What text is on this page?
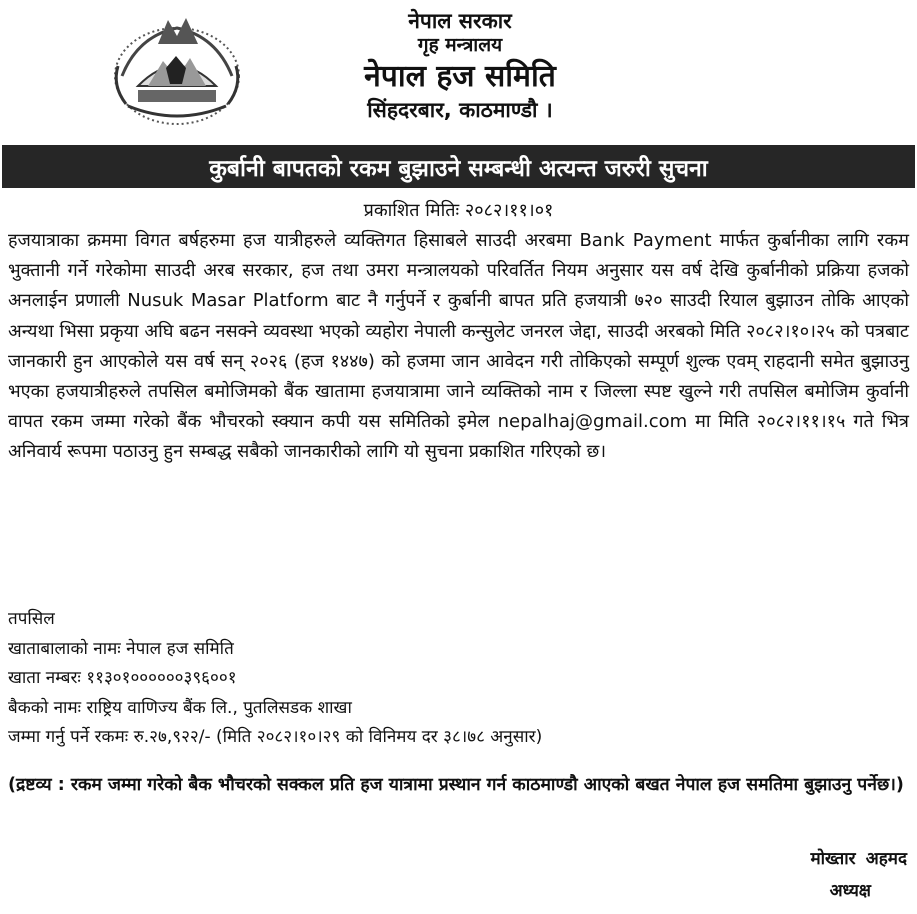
नेपाल सरकार
गृह मन्त्रालय
नेपाल हज समिति
सिंहदरबार, काठमाण्डौ ।
कुर्बानी बापतको रकम बुझाउने सम्बन्धी अत्यन्त जरुरी सुचना
प्रकाशित मितिः २०८२।११।०१
हजयात्राका क्रममा विगत बर्षहरुमा हज यात्रीहरुले व्यक्तिगत हिसाबले साउदी अरबमा Bank Payment मार्फत कुर्बानीका लागि रकम भुक्तानी गर्ने गरेकोमा साउदी अरब सरकार, हज तथा उमरा मन्त्रालयको परिवर्तित नियम अनुसार यस वर्ष देखि कुर्बानीको प्रक्रिया हजको अनलाईन प्रणाली Nusuk Masar Platform बाट नै गर्नुपर्ने र कुर्बानी बापत प्रति हजयात्री ७२० साउदी रियाल बुझाउन तोकि आएको अन्यथा भिसा प्रकृया अघि बढन नसक्ने व्यवस्था भएको व्यहोरा नेपाली कन्सुलेट जनरल जेद्दा, साउदी अरबको मिति २०८२।१०।२५ को पत्रबाट जानकारी हुन आएकोले यस वर्ष सन् २०२६ (हज १४४७) को हजमा जान आवेदन गरी तोकिएको सम्पूर्ण शुल्क एवम् राहदानी समेत बुझाउनु भएका हजयात्रीहरुले तपसिल बमोजिमको बैंक खातामा हजयात्रामा जाने व्यक्तिको नाम र जिल्ला स्पष्ट खुल्ने गरी तपसिल बमोजिम कुर्वानी वापत रकम जम्मा गरेको बैंक भौचरको स्क्यान कपी यस समितिको इमेल nepalhaj@gmail.com मा मिति २०८२।११।१५ गते भित्र अनिवार्य रूपमा पठाउनु हुन सम्बद्ध सबैको जानकारीको लागि यो सुचना प्रकाशित गरिएको छ।
तपसिल
खाताबालाको नामः नेपाल हज समिति
खाता नम्बरः ११३०१००००००३९६००१
बैकको नामः राष्ट्रिय वाणिज्य बैंक लि., पुतलिसडक शाखा
जम्मा गर्नु पर्ने रकमः रु.२७,९२२/- (मिति २०८२।१०।२९ को विनिमय दर ३८।७८ अनुसार)
(द्रष्टव्य : रकम जम्मा गरेको बैक भौचरको सक्कल प्रति हज यात्रामा प्रस्थान गर्न काठमाण्डौ आएको बखत नेपाल हज समतिमा बुझाउनु पर्नेछ।)
मोख्तार अहमद
अध्यक्ष
